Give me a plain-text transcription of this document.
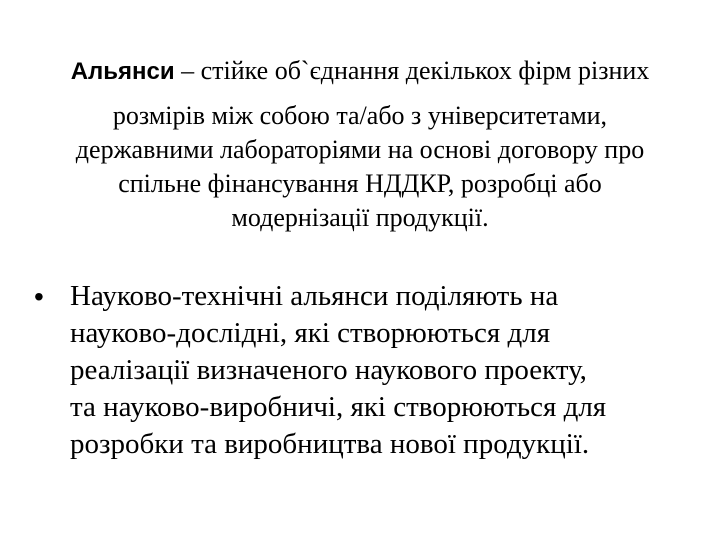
Альянси – стійке об`єднання декількох фірм різних
розмірів між собою та/або з університетами,
державними лабораторіями на основі договору про
спільне фінансування НДДКР, розробці або
модернізації продукції.
• Науково-технічні альянси поділяють на
науково-дослідні, які створюються для
реалізації визначеного наукового проекту,
та науково-виробничі, які створюються для
розробки та виробництва нової продукції.
